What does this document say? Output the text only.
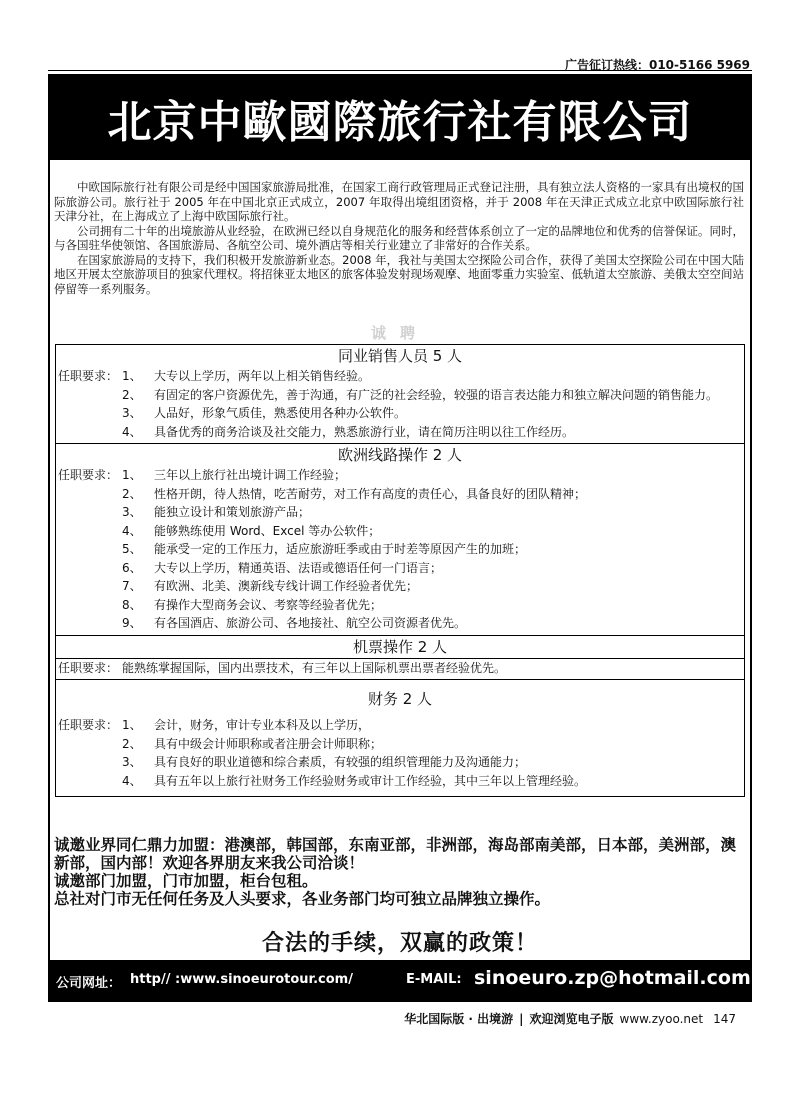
广告征订热线：010-5166 5969
北京中歐國際旅行社有限公司

中欧国际旅行社有限公司是经中国国家旅游局批准，在国家工商行政管理局正式登记注册，具有独立法人资格的一家具有出境权的国际旅游公司。旅行社于 2005 年在中国北京正式成立，2007 年取得出境组团资格，并于 2008 年在天津正式成立北京中欧国际旅行社天津分社，在上海成立了上海中欧国际旅行社。

公司拥有二十年的出境旅游从业经验，在欧洲已经以自身规范化的服务和经营体系创立了一定的品牌地位和优秀的信誉保证。同时，与各国驻华使领馆、各国旅游局、各航空公司、境外酒店等相关行业建立了非常好的合作关系。

在国家旅游局的支持下，我们积极开发旅游新业态。2008 年，我社与美国太空探险公司合作，获得了美国太空探险公司在中国大陆地区开展太空旅游项目的独家代理权。将招徕亚太地区的旅客体验发射现场观摩、地面零重力实验室、低轨道太空旅游、美俄太空空间站停留等一系列服务。

诚聘
同业销售人员 5 人
任职要求： 1、	大专以上学历，两年以上相关销售经验。
2、	有固定的客户资源优先，善于沟通，有广泛的社会经验，较强的语言表达能力和独立解决问题的销售能力。
3、	人品好，形象气质佳，熟悉使用各种办公软件。
4、	具备优秀的商务洽谈及社交能力，熟悉旅游行业，请在简历注明以往工作经历。
欧洲线路操作 2 人
任职要求： 1、	三年以上旅行社出境计调工作经验；
2、	性格开朗，待人热情，吃苦耐劳，对工作有高度的责任心，具备良好的团队精神；
3、	能独立设计和策划旅游产品；
4、	能够熟练使用 Word、Excel 等办公软件；
5、	能承受一定的工作压力，适应旅游旺季或由于时差等原因产生的加班；
6、	大专以上学历，精通英语、法语或德语任何一门语言；
7、	有欧洲、北美、澳新线专线计调工作经验者优先；
8、	有操作大型商务会议、考察等经验者优先；
9、	有各国酒店、旅游公司、各地接社、航空公司资源者优先。
机票操作 2 人
任职要求： 能熟练掌握国际，国内出票技术，有三年以上国际机票出票者经验优先。
财务 2 人
任职要求： 1、	会计，财务，审计专业本科及以上学历，
2、	具有中级会计师职称或者注册会计师职称；
3、	具有良好的职业道德和综合素质，有较强的组织管理能力及沟通能力；
4、	具有五年以上旅行社财务工作经验财务或审计工作经验，其中三年以上管理经验。
诚邀业界同仁鼎力加盟：港澳部，韩国部，东南亚部，非洲部，海岛部南美部，日本部，美洲部，澳新部，国内部！欢迎各界朋友来我公司洽谈！
诚邀部门加盟，门市加盟，柜台包租。
总社对门市无任何任务及人头要求，各业务部门均可独立品牌独立操作。
合法的手续，双赢的政策！
公司网址： http// :www.sinoeurotour.com/	E-MAIL: sinoeuro.zp@hotmail.com
华北国际版 · 出境游 | 欢迎浏览电子版 www.zyoo.net 147
